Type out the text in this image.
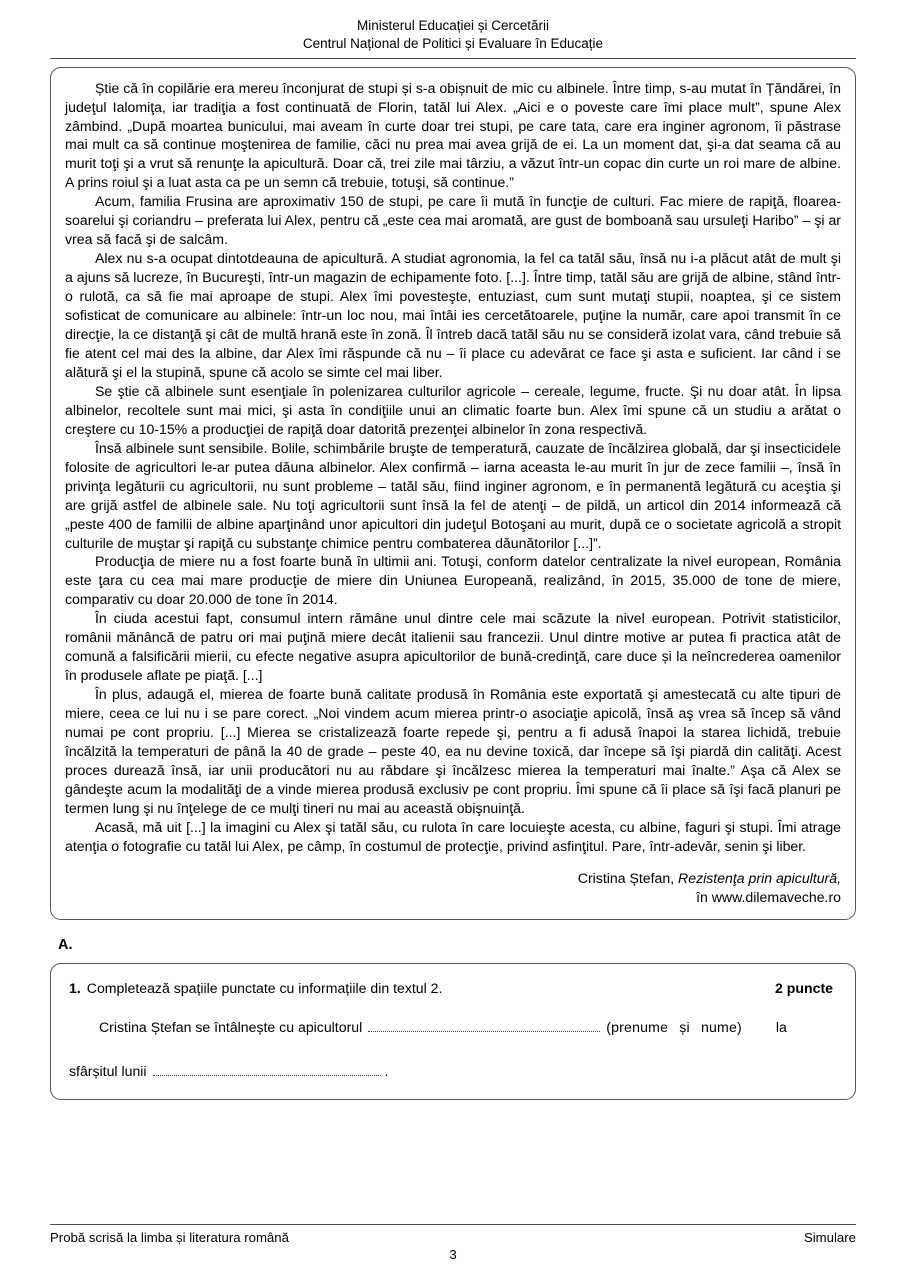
Ministerul Educației și Cercetării
Centrul Național de Politici și Evaluare în Educație

Știe că în copilărie era mereu înconjurat de stupi și s-a obișnuit de mic cu albinele. Între timp, s-au mutat în Țăndărei, în judeţul Ialomiţa, iar tradiţia a fost continuată de Florin, tatăl lui Alex. „Aici e o poveste care îmi place mult”, spune Alex zâmbind. „După moartea bunicului, mai aveam în curte doar trei stupi, pe care tata, care era inginer agronom, îi păstrase mai mult ca să continue moştenirea de familie, căci nu prea mai avea grijă de ei. La un moment dat, şi-a dat seama că au murit toţi şi a vrut să renunţe la apicultură. Doar că, trei zile mai târziu, a văzut într-un copac din curte un roi mare de albine. A prins roiul şi a luat asta ca pe un semn că trebuie, totuşi, să continue.”

Acum, familia Frusina are aproximativ 150 de stupi, pe care îi mută în funcţie de culturi. Fac miere de rapiţă, floarea-soarelui şi coriandru – preferata lui Alex, pentru că „este cea mai aromată, are gust de bomboană sau ursuleţi Haribo” – şi ar vrea să facă şi de salcâm.

Alex nu s-a ocupat dintotdeauna de apicultură. A studiat agronomia, la fel ca tatăl său, însă nu i-a plăcut atât de mult şi a ajuns să lucreze, în Bucureşti, într-un magazin de echipamente foto. [...]. Între timp, tatăl său are grijă de albine, stând într-o rulotă, ca să fie mai aproape de stupi. Alex îmi povesteşte, entuziast, cum sunt mutaţi stupii, noaptea, şi ce sistem sofisticat de comunicare au albinele: într-un loc nou, mai întâi ies cercetătoarele, puţine la număr, care apoi transmit în ce direcţie, la ce distanţă şi cât de multă hrană este în zonă. Îl întreb dacă tatăl său nu se consideră izolat vara, când trebuie să fie atent cel mai des la albine, dar Alex îmi răspunde că nu – îi place cu adevărat ce face şi asta e suficient. Iar când i se alătură şi el la stupină, spune că acolo se simte cel mai liber.

Se ştie că albinele sunt esenţiale în polenizarea culturilor agricole – cereale, legume, fructe. Şi nu doar atât. În lipsa albinelor, recoltele sunt mai mici, şi asta în condiţiile unui an climatic foarte bun. Alex îmi spune că un studiu a arătat o creştere cu 10-15% a producţiei de rapiţă doar datorită prezenţei albinelor în zona respectivă.

Însă albinele sunt sensibile. Bolile, schimbările bruşte de temperatură, cauzate de încălzirea globală, dar şi insecticidele folosite de agricultori le-ar putea dăuna albinelor. Alex confirmă – iarna aceasta le-au murit în jur de zece familii –, însă în privinţa legăturii cu agricultorii, nu sunt probleme – tatăl său, fiind inginer agronom, e în permanentă legătură cu aceştia şi are grijă astfel de albinele sale. Nu toţi agricultorii sunt însă la fel de atenţi – de pildă, un articol din 2014 informează că „peste 400 de familii de albine aparţinând unor apicultori din judeţul Botoşani au murit, după ce o societate agricolă a stropit culturile de muştar şi rapiţă cu substanţe chimice pentru combaterea dăunătorilor [...]”.

Producţia de miere nu a fost foarte bună în ultimii ani. Totuşi, conform datelor centralizate la nivel european, România este ţara cu cea mai mare producţie de miere din Uniunea Europeană, realizând, în 2015, 35.000 de tone de miere, comparativ cu doar 20.000 de tone în 2014.

În ciuda acestui fapt, consumul intern rămâne unul dintre cele mai scăzute la nivel european. Potrivit statisticilor, românii mănâncă de patru ori mai puţină miere decât italienii sau francezii. Unul dintre motive ar putea fi practica atât de comună a falsificării mierii, cu efecte negative asupra apicultorilor de bună-credinţă, care duce și la neîncrederea oamenilor în produsele aflate pe piaţă. [...]

În plus, adaugă el, mierea de foarte bună calitate produsă în România este exportată şi amestecată cu alte tipuri de miere, ceea ce lui nu i se pare corect. „Noi vindem acum mierea printr-o asociaţie apicolă, însă aş vrea să încep să vând numai pe cont propriu. [...] Mierea se cristalizează foarte repede şi, pentru a fi adusă înapoi la starea lichidă, trebuie încălzită la temperaturi de până la 40 de grade – peste 40, ea nu devine toxică, dar începe să îşi piardă din calităţi. Acest proces durează însă, iar unii producători nu au răbdare şi încălzesc mierea la temperaturi mai înalte.” Aşa că Alex se gândeşte acum la modalităţi de a vinde mierea produsă exclusiv pe cont propriu. Îmi spune că îi place să îşi facă planuri pe termen lung şi nu înţelege de ce mulţi tineri nu mai au această obişnuinţă.

Acasă, mă uit [...] la imagini cu Alex şi tatăl său, cu rulota în care locuieşte acesta, cu albine, faguri şi stupi. Îmi atrage atenţia o fotografie cu tatăl lui Alex, pe câmp, în costumul de protecţie, privind asfinţitul. Pare, într-adevăr, senin şi liber.

Cristina Ștefan, Rezistenţa prin apicultură,
în www.dilemaveche.ro
A.
1. Completează spațiile punctate cu informațiile din textul 2.	2 puncte
Cristina Ștefan se întâlnește cu apicultorul	(prenume și nume) la
sfârșitul lunii	.
Probă scrisă la limba și literatura română	Simulare
3
